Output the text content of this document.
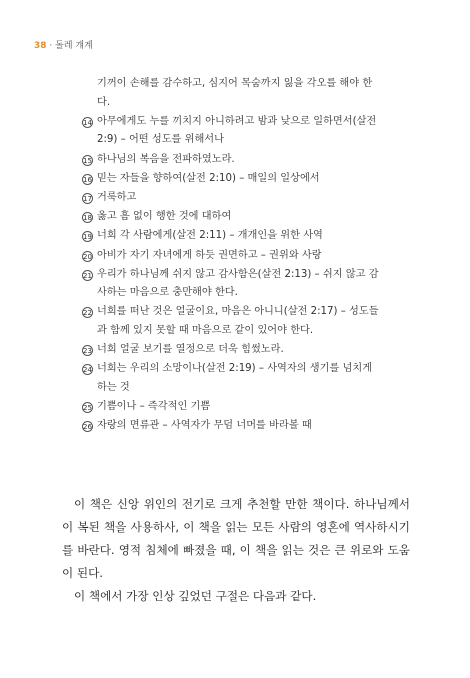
38 · 돌레 걔계
기꺼이 손해를 감수하고, 심지어 목숨까지 잃을 각오를 해야 한다.
14 아무에게도 누를 끼치지 아니하려고 밤과 낮으로 일하면서(살전 2:9) – 어떤 성도를 위해서나
15 하나님의 복음을 전파하였노라.
16 믿는 자들을 향하여(살전 2:10) – 매일의 일상에서
17 거룩하고
18 옳고 흠 없이 행한 것에 대하여
19 너희 각 사람에게(살전 2:11) – 개개인을 위한 사역
20 아비가 자기 자녀에게 하듯 권면하고 – 권위와 사랑
21 우리가 하나님께 쉬지 않고 감사함은(살전 2:13) – 쉬지 않고 감사하는 마음으로 충만해야 한다.
22 너희를 떠난 것은 얼굴이요, 마음은 아니니(살전 2:17) – 성도들과 함께 있지 못할 때 마음으로 같이 있어야 한다.
23 너희 얼굴 보기를 열정으로 더욱 힘썼노라.
24 너희는 우리의 소망이나(살전 2:19) – 사역자의 생기를 넘치게 하는 것
25 기쁨이나 – 즉각적인 기쁨
26 자랑의 면류관 – 사역자가 무덤 너머를 바라볼 때

이 책은 신앙 위인의 전기로 크게 추천할 만한 책이다. 하나님께서 이 복된 책을 사용하사, 이 책을 읽는 모든 사람의 영혼에 역사하시기를 바란다. 영적 침체에 빠졌을 때, 이 책을 읽는 것은 큰 위로와 도움이 된다.

이 책에서 가장 인상 깊었던 구절은 다음과 같다.
